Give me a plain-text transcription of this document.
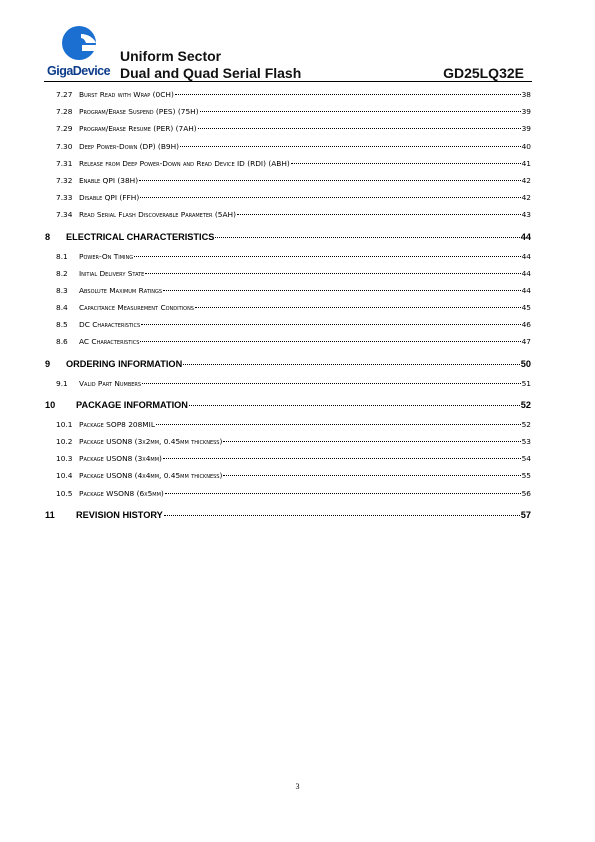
GigaDevice
Uniform Sector
Dual and Quad Serial Flash	GD25LQ32E
7.27 Burst Read with Wrap (0CH)	38
7.28 Program/Erase Suspend (PES) (75H)	39
7.29 Program/Erase Resume (PER) (7AH)	39
7.30 Deep Power-Down (DP) (B9H)	40
7.31 Release from Deep Power-Down and Read Device ID (RDI) (ABH)	41
7.32 Enable QPI (38H)	42
7.33 Disable QPI (FFH)	42
7.34 Read Serial Flash Discoverable Parameter (5AH)	43
8	ELECTRICAL CHARACTERISTICS	44
8.1	Power-On Timing	44
8.2	Initial Delivery State	44
8.3	Absolute Maximum Ratings	44
8.4	Capacitance Measurement Conditions	45
8.5	DC Characteristics	46
8.6	AC Characteristics	47
9	ORDERING INFORMATION	50
9.1	Valid Part Numbers	51
10	PACKAGE INFORMATION	52
10.1 Package SOP8 208MIL	52
10.2 Package USON8 (3x2mm, 0.45mm thickness)	53
10.3 Package USON8 (3x4mm)	54
10.4 Package USON8 (4x4mm, 0.45mm thickness)	55
10.5 Package WSON8 (6x5mm)	56
11	REVISION HISTORY	57
3
